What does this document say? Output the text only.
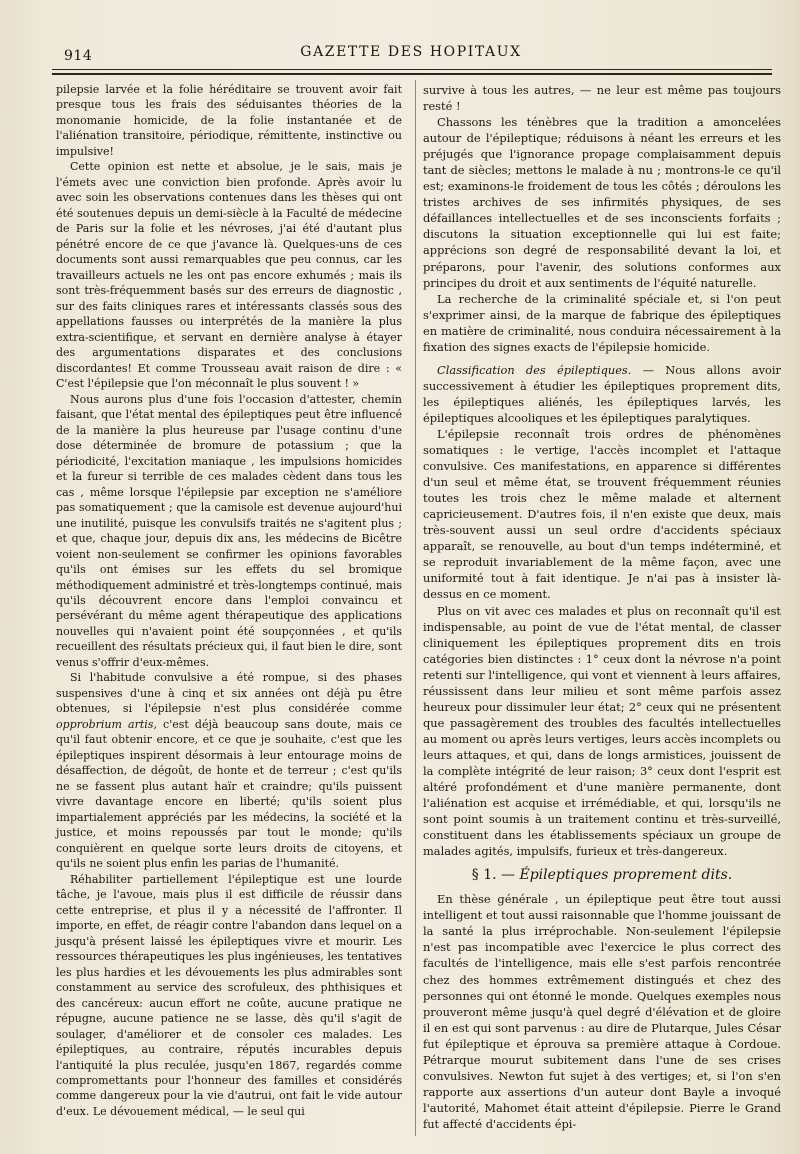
914	GAZETTE DES HOPITAUX

pilepsie larvée et la folie héréditaire se trouvent avoir fait presque tous les frais des séduisantes théories de la monomanie homicide, de la folie instantanée et de l'aliénation transitoire, périodique, rémittente, instinctive ou impulsive!

Cette opinion est nette et absolue, je le sais, mais je l'émets avec une conviction bien profonde. Après avoir lu avec soin les observations contenues dans les thèses qui ont été soutenues depuis un demi-siècle à la Faculté de médecine de Paris sur la folie et les névroses, j'ai été d'autant plus pénétré encore de ce que j'avance là. Quelques-uns de ces documents sont aussi remarquables que peu connus, car les travailleurs actuels ne les ont pas encore exhumés ; mais ils sont très-fréquemment basés sur des erreurs de diagnostic , sur des faits cliniques rares et intéressants classés sous des appellations fausses ou interprétés de la manière la plus extra-scientifique, et servant en dernière analyse à étayer des argumentations disparates et des conclusions discordantes! Et comme Trousseau avait raison de dire : « C'est l'épilepsie que l'on méconnaît le plus souvent ! »

Nous aurons plus d'une fois l'occasion d'attester, chemin faisant, que l'état mental des épileptiques peut être influencé de la manière la plus heureuse par l'usage continu d'une dose déterminée de bromure de potassium ; que la périodicité, l'excitation maniaque , les impulsions homicides et la fureur si terrible de ces malades cèdent dans tous les cas , même lorsque l'épilepsie par exception ne s'améliore pas somatiquement ; que la camisole est devenue aujourd'hui une inutilité, puisque les convulsifs traités ne s'agitent plus ; et que, chaque jour, depuis dix ans, les médecins de Bicêtre voient non-seulement se confirmer les opinions favorables qu'ils ont émises sur les effets du sel bromique méthodiquement administré et très-longtemps continué, mais qu'ils découvrent encore dans l'emploi convaincu et persévérant du même agent thérapeutique des applications nouvelles qui n'avaient point été soupçonnées , et qu'ils recueillent des résultats précieux qui, il faut bien le dire, sont venus s'offrir d'eux-mêmes.

Si l'habitude convulsive a été rompue, si des phases suspensives d'une à cinq et six années ont déjà pu être obtenues, si l'épilepsie n'est plus considérée comme opprobrium artis, c'est déjà beaucoup sans doute, mais ce qu'il faut obtenir encore, et ce que je souhaite, c'est que les épileptiques inspirent désormais à leur entourage moins de désaffection, de dégoût, de honte et de terreur ; c'est qu'ils ne se fassent plus autant haïr et craindre; qu'ils puissent vivre davantage encore en liberté; qu'ils soient plus impartialement appréciés par les médecins, la société et la justice, et moins repoussés par tout le monde; qu'ils conquièrent en quelque sorte leurs droits de citoyens, et qu'ils ne soient plus enfin les parias de l'humanité.

Réhabiliter partiellement l'épileptique est une lourde tâche, je l'avoue, mais plus il est difficile de réussir dans cette entreprise, et plus il y a nécessité de l'affronter. Il importe, en effet, de réagir contre l'abandon dans lequel on a jusqu'à présent laissé les épileptiques vivre et mourir. Les ressources thérapeutiques les plus ingénieuses, les tentatives les plus hardies et les dévouements les plus admirables sont constamment au service des scrofuleux, des phthisiques et des cancéreux: aucun effort ne coûte, aucune pratique ne répugne, aucune patience ne se lasse, dès qu'il s'agit de soulager, d'améliorer et de consoler ces malades. Les épileptiques, au contraire, réputés incurables depuis l'antiquité la plus reculée, jusqu'en 1867, regardés comme compromettants pour l'honneur des familles et considérés comme dangereux pour la vie d'autrui, ont fait le vide autour d'eux. Le dévouement médical, — le seul qui

survive à tous les autres, — ne leur est même pas toujours resté !

Chassons les ténèbres que la tradition a amoncelées autour de l'épileptique; réduisons à néant les erreurs et les préjugés que l'ignorance propage complaisamment depuis tant de siècles; mettons le malade à nu ; montrons-le ce qu'il est; examinons-le froidement de tous les côtés ; déroulons les tristes archives de ses infirmités physiques, de ses défaillances intellectuelles et de ses inconscients forfaits ; discutons la situation exceptionnelle qui lui est faite; apprécions son degré de responsabilité devant la loi, et préparons, pour l'avenir, des solutions conformes aux principes du droit et aux sentiments de l'équité naturelle.

La recherche de la criminalité spéciale et, si l'on peut s'exprimer ainsi, de la marque de fabrique des épileptiques en matière de criminalité, nous conduira nécessairement à la fixation des signes exacts de l'épilepsie homicide.

Classification des épileptiques. — Nous allons avoir successivement à étudier les épileptiques proprement dits, les épileptiques aliénés, les épileptiques larvés, les épileptiques alcooliques et les épileptiques paralytiques.

L'épilepsie reconnaît trois ordres de phénomènes somatiques : le vertige, l'accès incomplet et l'attaque convulsive. Ces manifestations, en apparence si différentes d'un seul et même état, se trouvent fréquemment réunies toutes les trois chez le même malade et alternent capricieusement. D'autres fois, il n'en existe que deux, mais très-souvent aussi un seul ordre d'accidents spéciaux apparaît, se renouvelle, au bout d'un temps indéterminé, et se reproduit invariablement de la même façon, avec une uniformité tout à fait identique. Je n'ai pas à insister là-dessus en ce moment.

Plus on vit avec ces malades et plus on reconnaît qu'il est indispensable, au point de vue de l'état mental, de classer cliniquement les épileptiques proprement dits en trois catégories bien distinctes : 1° ceux dont la névrose n'a point retenti sur l'intelligence, qui vont et viennent à leurs affaires, réussissent dans leur milieu et sont même parfois assez heureux pour dissimuler leur état; 2° ceux qui ne présentent que passagèrement des troubles des facultés intellectuelles au moment ou après leurs vertiges, leurs accès incomplets ou leurs attaques, et qui, dans de longs armistices, jouissent de la complète intégrité de leur raison; 3° ceux dont l'esprit est altéré profondément et d'une manière permanente, dont l'aliénation est acquise et irrémédiable, et qui, lorsqu'ils ne sont point soumis à un traitement continu et très-surveillé, constituent dans les établissements spéciaux un groupe de malades agités, impulsifs, furieux et très-dangereux.

§ 1. — Épileptiques proprement dits.

En thèse générale , un épileptique peut être tout aussi intelligent et tout aussi raisonnable que l'homme jouissant de la santé la plus irréprochable. Non-seulement l'épilepsie n'est pas incompatible avec l'exercice le plus correct des facultés de l'intelligence, mais elle s'est parfois rencontrée chez des hommes extrêmement distingués et chez des personnes qui ont étonné le monde. Quelques exemples nous prouveront même jusqu'à quel degré d'élévation et de gloire il en est qui sont parvenus : au dire de Plutarque, Jules César fut épileptique et éprouva sa première attaque à Cordoue. Pétrarque mourut subitement dans l'une de ses crises convulsives. Newton fut sujet à des vertiges; et, si l'on s'en rapporte aux assertions d'un auteur dont Bayle a invoqué l'autorité, Mahomet était atteint d'épilepsie. Pierre le Grand fut affecté d'accidents épi-
